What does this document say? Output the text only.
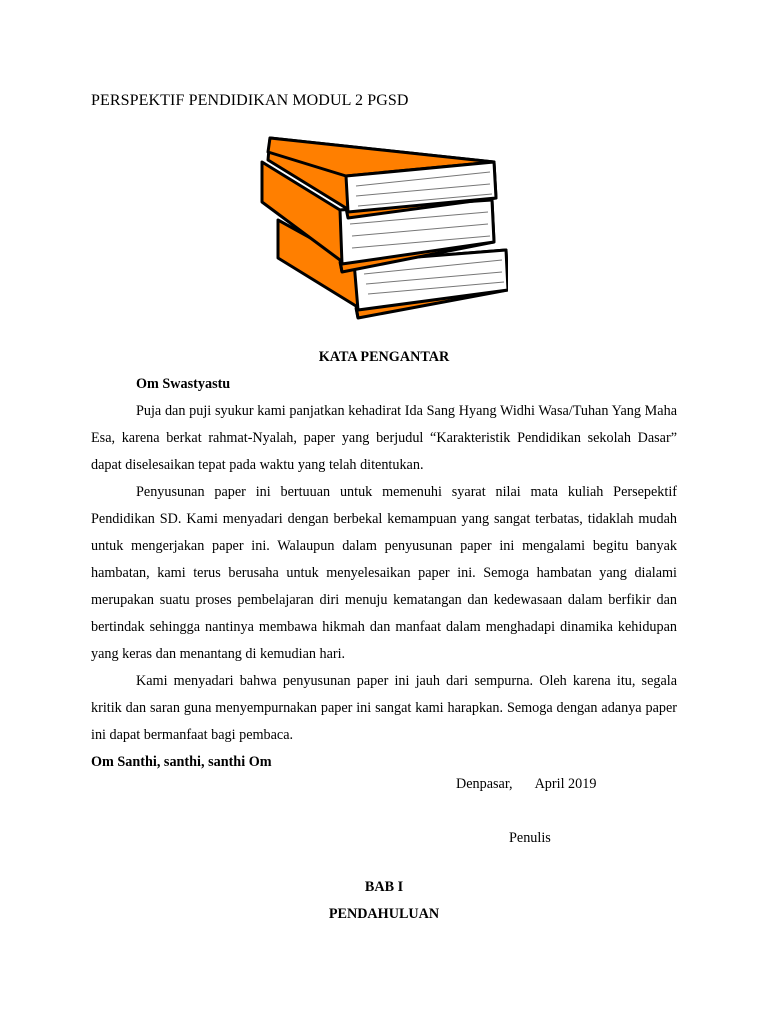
PERSPEKTIF PENDIDIKAN MODUL 2 PGSD

KATA PENGANTAR

Om Swastyastu

Puja dan puji syukur kami panjatkan kehadirat Ida Sang Hyang Widhi Wasa/Tuhan Yang Maha Esa, karena berkat rahmat-Nyalah, paper yang berjudul “Karakteristik Pendidikan sekolah Dasar” dapat diselesaikan tepat pada waktu yang telah ditentukan.

Penyusunan paper ini bertuuan untuk memenuhi syarat nilai mata kuliah Persepektif Pendidikan SD. Kami menyadari dengan berbekal kemampuan yang sangat terbatas, tidaklah mudah untuk mengerjakan paper ini. Walaupun dalam penyusunan paper ini mengalami begitu banyak hambatan, kami terus berusaha untuk menyelesaikan paper ini. Semoga hambatan yang dialami merupakan suatu proses pembelajaran diri menuju kematangan dan kedewasaan dalam berfikir dan bertindak sehingga nantinya membawa hikmah dan manfaat dalam menghadapi dinamika kehidupan yang keras dan menantang di kemudian hari.

Kami menyadari bahwa penyusunan paper ini jauh dari sempurna. Oleh karena itu, segala kritik dan saran guna menyempurnakan paper ini sangat kami harapkan. Semoga dengan adanya paper ini dapat bermanfaat bagi pembaca.

Om Santhi, santhi, santhi Om

Denpasar, April 2019
Penulis
BAB I
PENDAHULUAN
